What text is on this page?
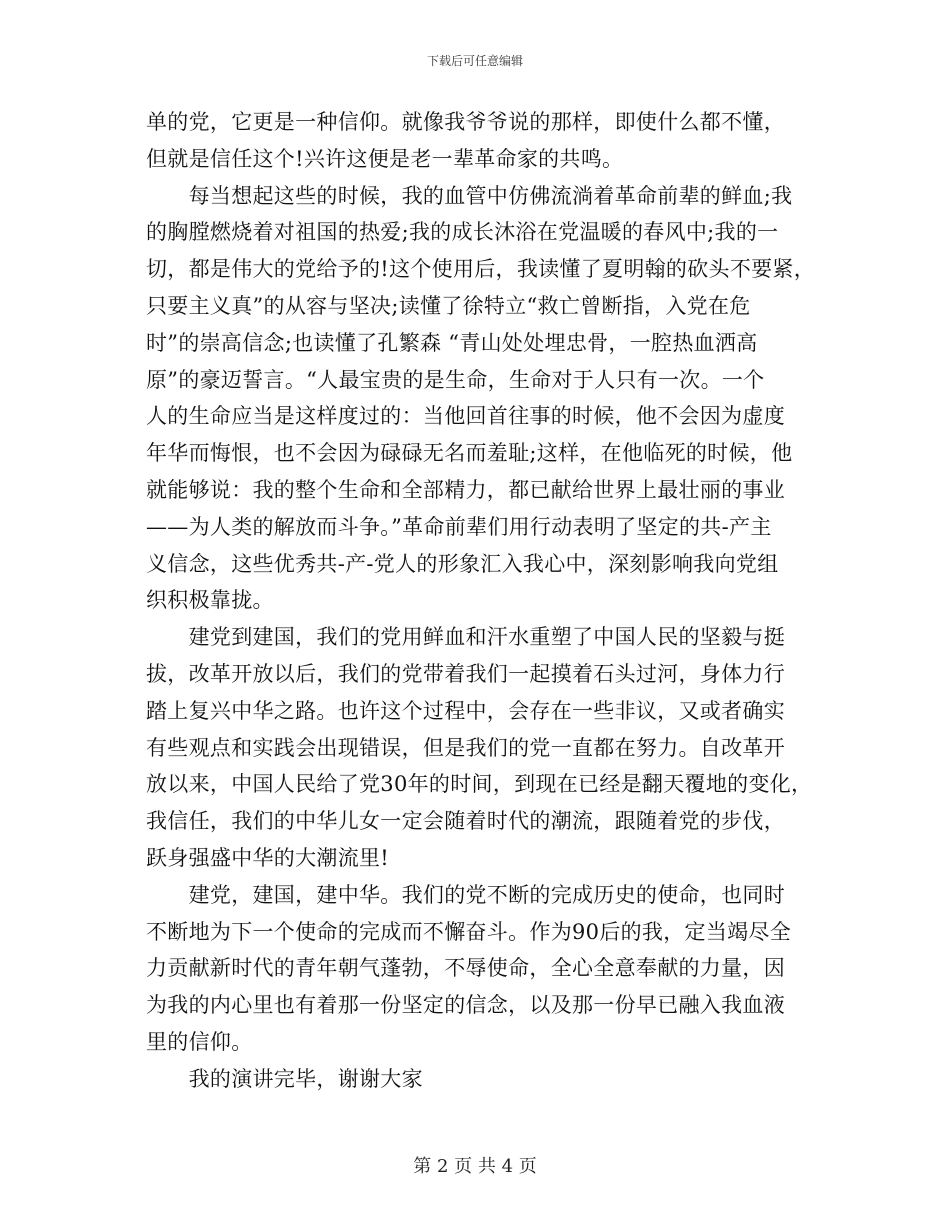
下载后可任意编辑
单的党，它更是一种信仰。就像我爷爷说的那样，即使什么都不懂，
但就是信任这个!兴许这便是老一辈革命家的共鸣。
　　每当想起这些的时候，我的血管中仿佛流淌着革命前辈的鲜血;我
的胸膛燃烧着对祖国的热爱;我的成长沐浴在党温暖的春风中;我的一
切，都是伟大的党给予的!这个使用后，我读懂了夏明翰的砍头不要紧，
只要主义真”的从容与坚决;读懂了徐特立“救亡曾断指，入党在危
时”的崇高信念;也读懂了孔繁森 “青山处处埋忠骨，一腔热血洒高
原”的豪迈誓言。“人最宝贵的是生命，生命对于人只有一次。一个
人的生命应当是这样度过的：当他回首往事的时候，他不会因为虚度
年华而悔恨，也不会因为碌碌无名而羞耻;这样，在他临死的时候，他
就能够说：我的整个生命和全部精力，都已献给世界上最壮丽的事业
——为人类的解放而斗争。”革命前辈们用行动表明了坚定的共-产主
义信念，这些优秀共-产-党人的形象汇入我心中，深刻影响我向党组
织积极靠拢。
　　建党到建国，我们的党用鲜血和汗水重塑了中国人民的坚毅与挺
拔，改革开放以后，我们的党带着我们一起摸着石头过河，身体力行
踏上复兴中华之路。也许这个过程中，会存在一些非议，又或者确实
有些观点和实践会出现错误，但是我们的党一直都在努力。自改革开
放以来，中国人民给了党30年的时间，到现在已经是翻天覆地的变化，
我信任，我们的中华儿女一定会随着时代的潮流，跟随着党的步伐，
跃身强盛中华的大潮流里!
　　建党，建国，建中华。我们的党不断的完成历史的使命，也同时
不断地为下一个使命的完成而不懈奋斗。作为90后的我，定当竭尽全
力贡献新时代的青年朝气蓬勃，不辱使命，全心全意奉献的力量，因
为我的内心里也有着那一份坚定的信念，以及那一份早已融入我血液
里的信仰。
　　我的演讲完毕，谢谢大家
第 2 页 共 4 页
